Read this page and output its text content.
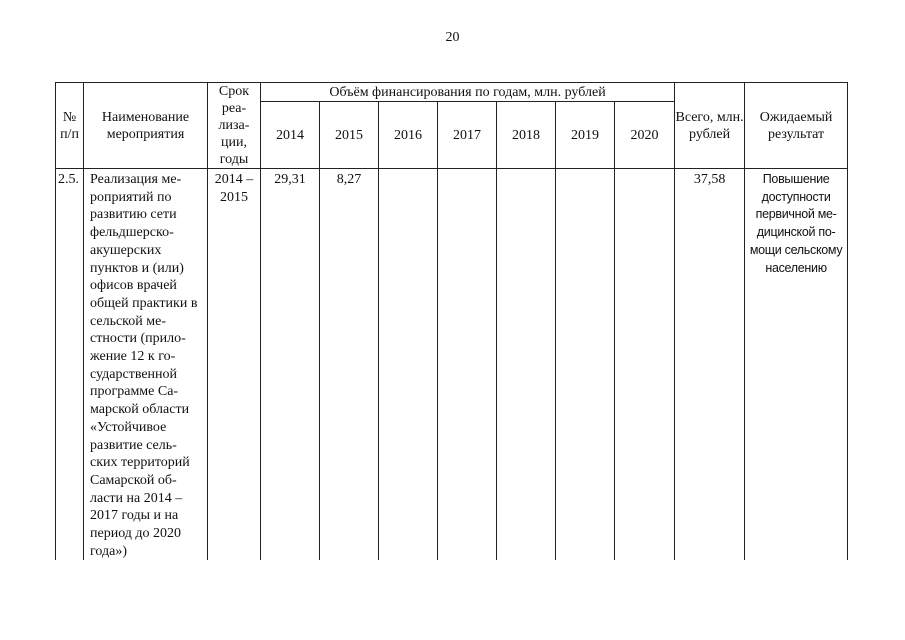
20
№ п/п	Наименование мероприятия	Срок реа-лиза-ции, годы	Объём финансирования по годам, млн. рублей							Всего, млн. рублей	Ожидаемый результат
			2014	2015	2016	2017	2018	2019	2020		
2.5.	Реализация ме-роприятий по развитию сети фельдшерско-акушерских пунктов и (или) офисов врачей общей практики в сельской ме-стности (прило-жение 12 к го-сударственной программе Са-марской области «Устойчивое развитие сель-ских территорий Самарской об-ласти на 2014 – 2017 годы и на период до 2020 года»)	2014 – 2015	29,31	8,27						37,58	Повышение доступности первичной ме-дицинской по-мощи сельскому населению
